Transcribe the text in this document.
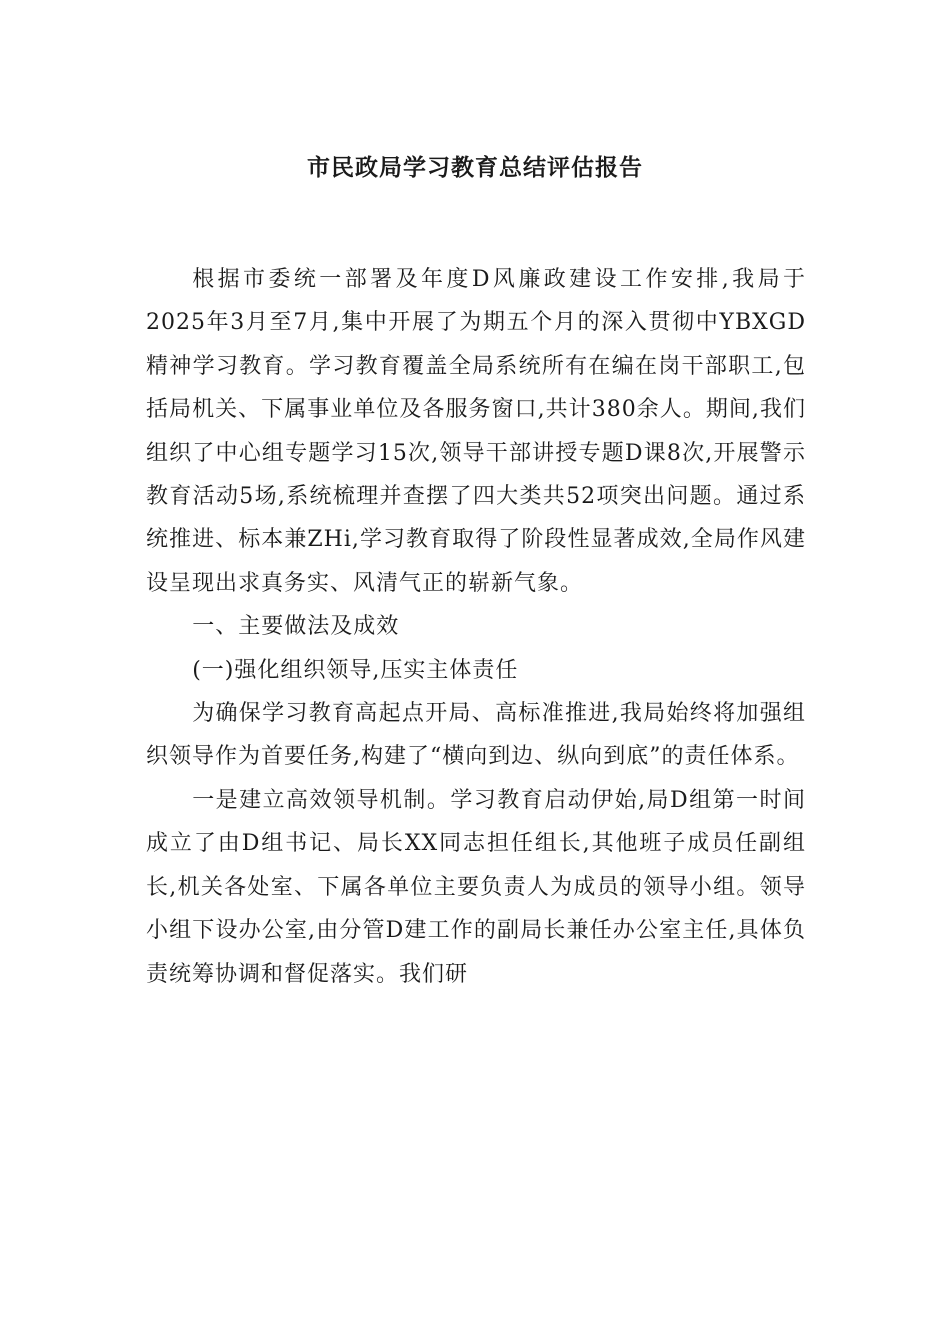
市民政局学习教育总结评估报告

根据市委统一部署及年度D风廉政建设工作安排,我局于2025年3月至7月,集中开展了为期五个月的深入贯彻中YBXGD精神学习教育。学习教育覆盖全局系统所有在编在岗干部职工,包括局机关、下属事业单位及各服务窗口,共计380余人。期间,我们组织了中心组专题学习15次,领导干部讲授专题D课8次,开展警示教育活动5场,系统梳理并查摆了四大类共52项突出问题。通过系统推进、标本兼ZHi,学习教育取得了阶段性显著成效,全局作风建设呈现出求真务实、风清气正的崭新气象。

一、主要做法及成效

(一)强化组织领导,压实主体责任

为确保学习教育高起点开局、高标准推进,我局始终将加强组织领导作为首要任务,构建了“横向到边、纵向到底”的责任体系。

一是建立高效领导机制。学习教育启动伊始,局D组第一时间成立了由D组书记、局长XX同志担任组长,其他班子成员任副组长,机关各处室、下属各单位主要负责人为成员的领导小组。领导小组下设办公室,由分管D建工作的副局长兼任办公室主任,具体负责统筹协调和督促落实。我们研
